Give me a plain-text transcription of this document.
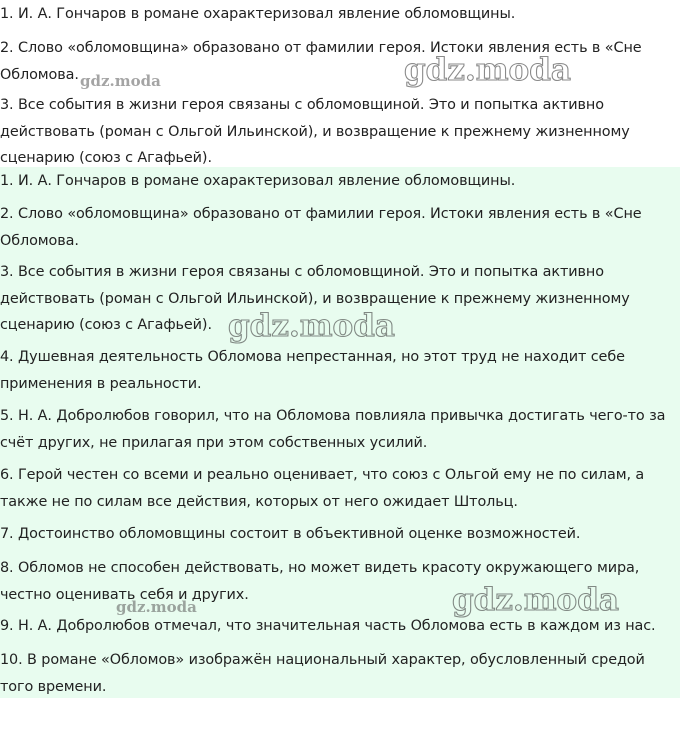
1. И. А. Гончаров в романе охарактеризовал явление обломовщины.

2. Слово «обломовщина» образовано от фамилии героя. Истоки явления есть в «Сне Обломова.

3. Все события в жизни героя связаны с обломовщиной. Это и попытка активно действовать (роман с Ольгой Ильинской), и возвращение к прежнему жизненному сценарию (союз с Агафьей).

1. И. А. Гончаров в романе охарактеризовал явление обломовщины.

2. Слово «обломовщина» образовано от фамилии героя. Истоки явления есть в «Сне Обломова.

3. Все события в жизни героя связаны с обломовщиной. Это и попытка активно действовать (роман с Ольгой Ильинской), и возвращение к прежнему жизненному сценарию (союз с Агафьей).

4. Душевная деятельность Обломова непрестанная, но этот труд не находит себе применения в реальности.

5. Н. А. Добролюбов говорил, что на Обломова повлияла привычка достигать чего-то за счёт других, не прилагая при этом собственных усилий.

6. Герой честен со всеми и реально оценивает, что союз с Ольгой ему не по силам, а также не по силам все действия, которых от него ожидает Штольц.

7. Достоинство обломовщины состоит в объективной оценке возможностей.

8. Обломов не способен действовать, но может видеть красоту окружающего мира, честно оценивать себя и других.

9. Н. А. Добролюбов отмечал, что значительная часть Обломова есть в каждом из нас.

10. В романе «Обломов» изображён национальный характер, обусловленный средой того времени.

gdz.moda
gdz.moda
